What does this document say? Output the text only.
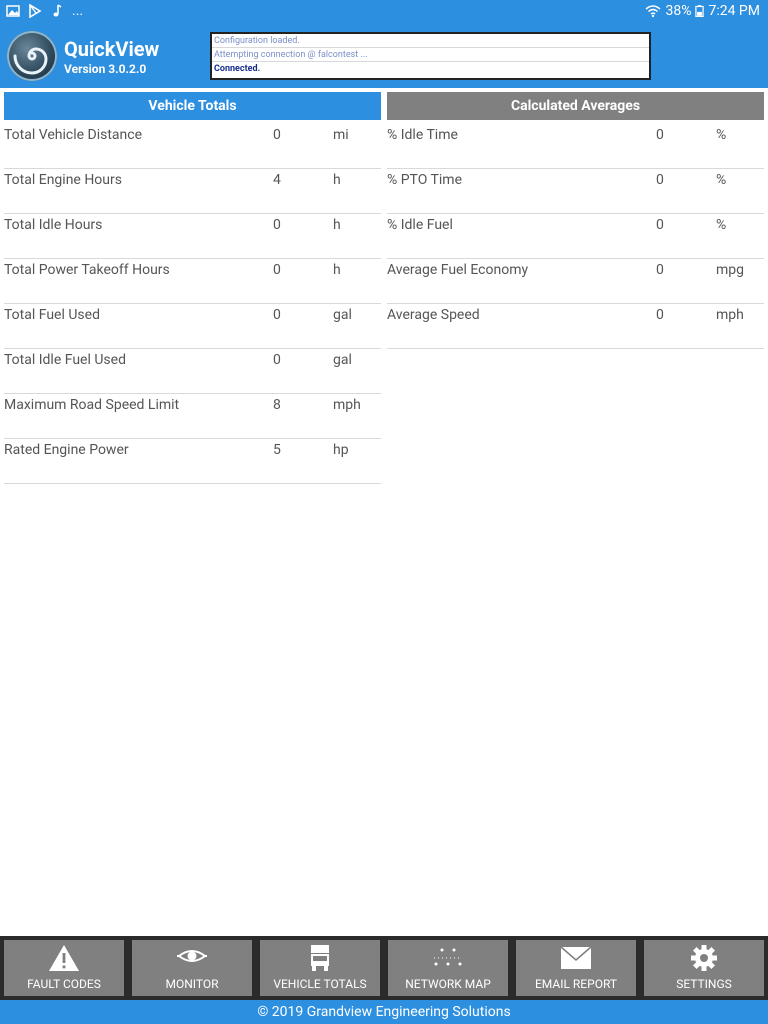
...	38% 7:24 PM
QuickView
Version 3.0.2.0
Configuration loaded.
Attempting connection @ falcontest ...
Connected.
Vehicle Totals	Calculated Averages
Total Vehicle Distance	0	mi
Total Engine Hours	4	h
Total Idle Hours	0	h
Total Power Takeoff Hours	0	h
Total Fuel Used	0	gal
Total Idle Fuel Used	0	gal
Maximum Road Speed Limit	8	mph
Rated Engine Power	5	hp
% Idle Time	0	%
% PTO Time	0	%
% Idle Fuel	0	%
Average Fuel Economy	0	mpg
Average Speed	0	mph
FAULT CODES	MONITOR	VEHICLE TOTALS	NETWORK MAP	EMAIL REPORT	SETTINGS
© 2019 Grandview Engineering Solutions
